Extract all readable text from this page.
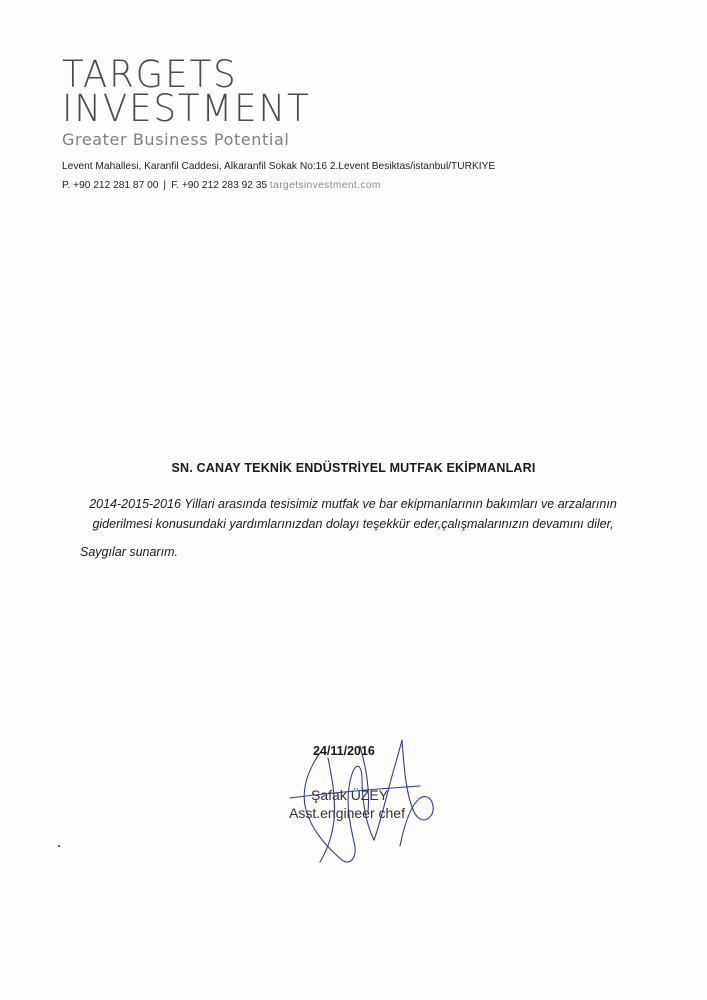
TARGETS
INVESTMENT
Greater Business Potential
Levent Mahallesi, Karanfil Caddesi, Alkaranfil Sokak No:16 2.Levent Besiktas/istanbul/TURKIYE
P. +90 212 281 87 00 | F. +90 212 283 92 35 targetsinvestment.com
SN. CANAY TEKNİK ENDÜSTRİYEL MUTFAK EKİPMANLARI
2014-2015-2016 Yillari arasında tesisimiz mutfak ve bar ekipmanlarının bakımları ve arzalarının
giderilmesi konusundaki yardımlarınızdan dolayı teşekkür eder,çalışmalarınızın devamını diler,
Saygılar sunarım.
24/11/2016
Şafak ÜZEY
Asst.engineer chef
